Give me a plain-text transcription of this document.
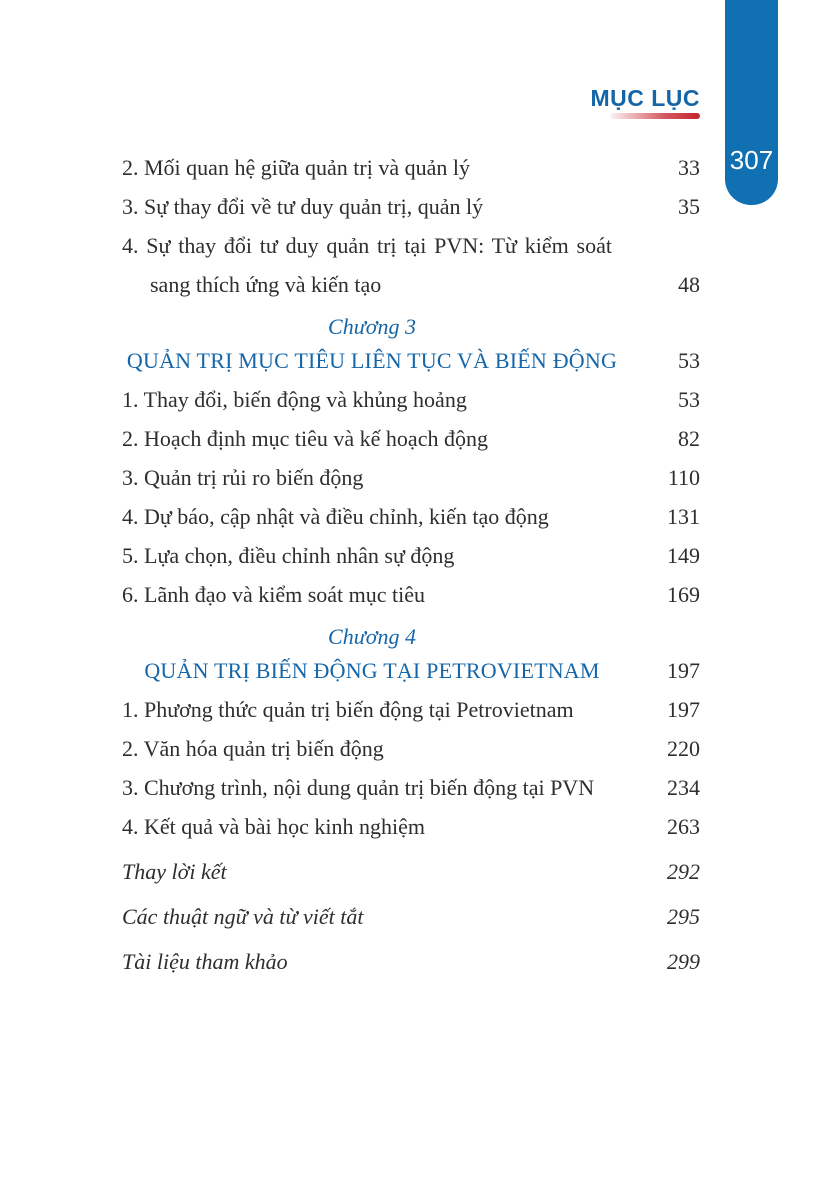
MỤC LỤC
307
2. Mối quan hệ giữa quản trị và quản lý	33
3. Sự thay đổi về tư duy quản trị, quản lý	35
4. Sự thay đổi tư duy quản trị tại PVN: Từ kiểm soát sang thích ứng và kiến tạo	48
Chương 3
QUẢN TRỊ MỤC TIÊU LIÊN TỤC VÀ BIẾN ĐỘNG	53
1. Thay đổi, biến động và khủng hoảng	53
2. Hoạch định mục tiêu và kế hoạch động	82
3. Quản trị rủi ro biến động	110
4. Dự báo, cập nhật và điều chỉnh, kiến tạo động	131
5. Lựa chọn, điều chỉnh nhân sự động	149
6. Lãnh đạo và kiểm soát mục tiêu	169
Chương 4
QUẢN TRỊ BIẾN ĐỘNG TẠI PETROVIETNAM	197
1. Phương thức quản trị biến động tại Petrovietnam	197
2. Văn hóa quản trị biến động	220
3. Chương trình, nội dung quản trị biến động tại PVN	234
4. Kết quả và bài học kinh nghiệm	263
Thay lời kết	292
Các thuật ngữ và từ viết tắt	295
Tài liệu tham khảo	299
